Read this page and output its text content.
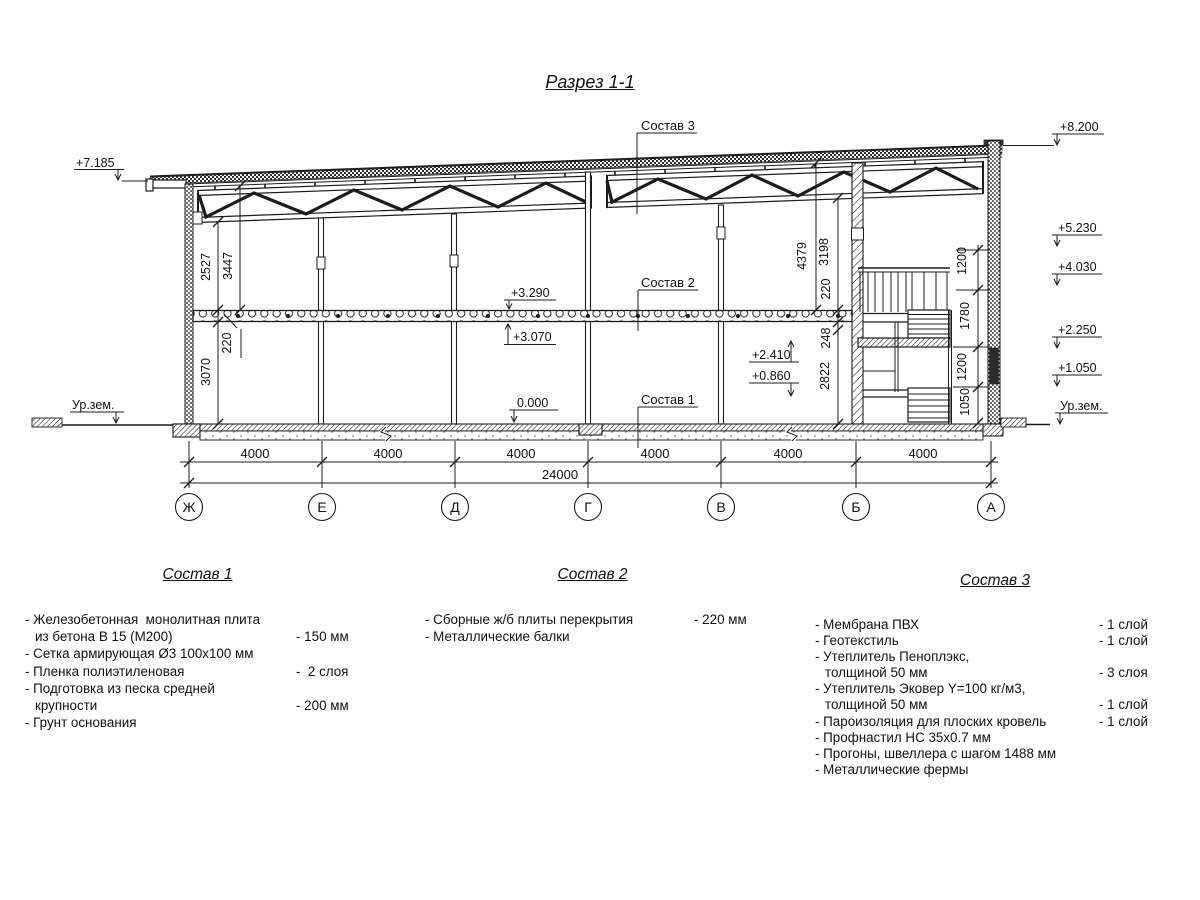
Разрез 1-1
4000	4000	4000	4000	4000	4000
24000
Ж	Е	Д	Г	В	Б	А
2527 3447
220
3070
4379 3198
220
248
2822
1200
1780
1200
1050
+7.185
+8.200
+5.230
+4.030
+2.250
+1.050
Ур.зем.
Ур.зем.
+3.290
+3.070
0.000
+2.410
+0.860
Состав 3
Состав 2
Состав 1
Состав 1
- Железобетонная  монолитная плита
из бетона В 15 (М200)	- 150 мм
- Сетка армирующая Ø3 100х100 мм
- Пленка полиэтиленовая	-  2 слоя
- Подготовка из песка средней
крупности	- 200 мм
- Грунт основания
Состав 2
- Сборные ж/б плиты перекрытия	- 220 мм
- Металлические балки
Состав 3
- Мембрана ПВХ	- 1 слой
- Геотекстиль	- 1 слой
- Утеплитель Пеноплэкс,
толщиной 50 мм	- 3 слоя
- Утеплитель Эковер Y=100 кг/м3,
толщиной 50 мм	- 1 слой
- Пароизоляция для плоских кровель	- 1 слой
- Профнастил НС 35х0.7 мм
- Прогоны, швеллера с шагом 1488 мм
- Металлические фермы
